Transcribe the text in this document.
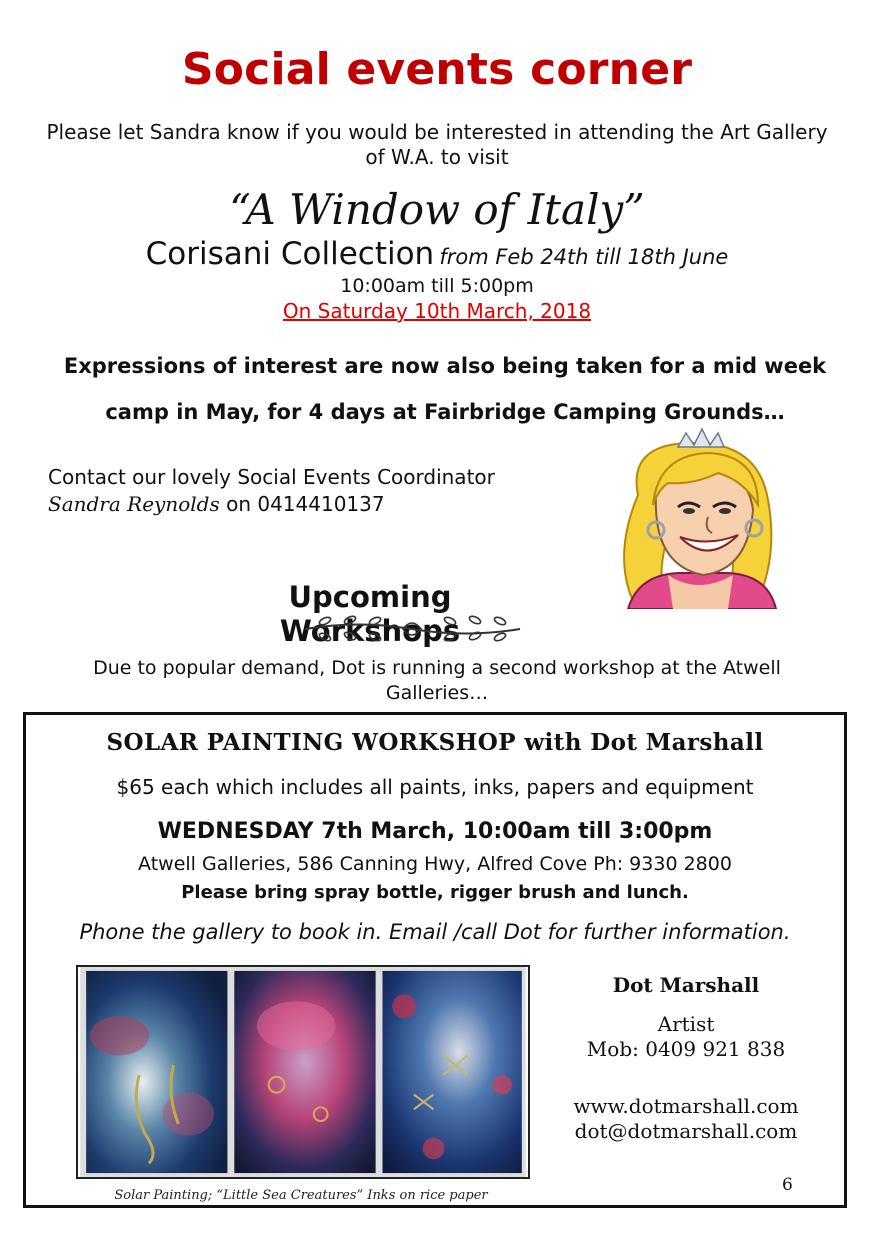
Social events corner
Please let Sandra know if you would be interested in attending the Art Gallery of W.A. to visit
“A Window of Italy”
Corisani Collection from Feb 24th till 18th June
10:00am till 5:00pm
On Saturday 10th March, 2018
Expressions of interest are now also being taken for a mid week
camp in May, for 4 days at Fairbridge Camping Grounds…
Contact our lovely Social Events Coordinator
Sandra Reynolds on 0414410137
Upcoming Workshops
Due to popular demand, Dot is running a second workshop at the Atwell Galleries…
SOLAR PAINTING WORKSHOP with Dot Marshall
$65 each which includes all paints, inks, papers and equipment
WEDNESDAY 7th March, 10:00am till 3:00pm
Atwell Galleries, 586 Canning Hwy, Alfred Cove Ph: 9330 2800
Please bring spray bottle, rigger brush and lunch.
Phone the gallery to book in. Email /call Dot for further information.
Solar Painting; “Little Sea Creatures” Inks on rice paper
Dot Marshall
Artist
Mob: 0409 921 838
www.dotmarshall.com
dot@dotmarshall.com
6
